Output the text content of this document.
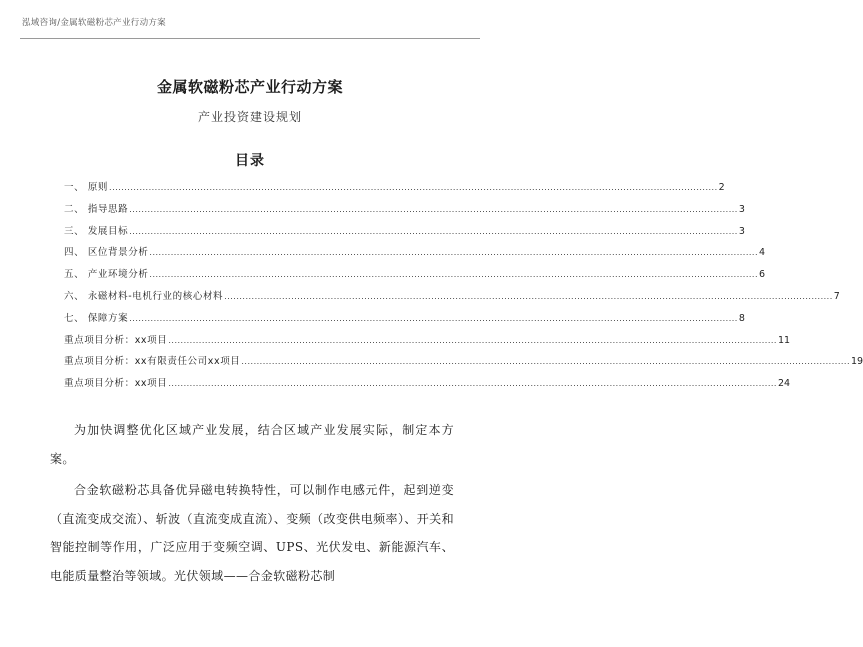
泓域咨询/金属软磁粉芯产业行动方案
金属软磁粉芯产业行动方案
产业投资建设规划
目录
一、 原则 ........................................................................................................................................................................................................ 2
二、 指导思路 ........................................................................................................................................................................................................ 3
三、 发展目标 ........................................................................................................................................................................................................ 3
四、 区位背景分析 ........................................................................................................................................................................................................ 4
五、 产业环境分析 ........................................................................................................................................................................................................ 6
六、 永磁材料-电机行业的核心材料 ........................................................................................................................................................................................................ 7
七、 保障方案 ........................................................................................................................................................................................................ 8
重点项目分析：xx项目 ........................................................................................................................................................................................................ 11
重点项目分析：xx有限责任公司xx项目 ........................................................................................................................................................................................................ 19
重点项目分析：xx项目 ........................................................................................................................................................................................................ 24

为加快调整优化区域产业发展，结合区域产业发展实际，制定本方案。

合金软磁粉芯具备优异磁电转换特性，可以制作电感元件，起到逆变（直流变成交流）、斩波（直流变成直流）、变频（改变供电频率）、开关和智能控制等作用，广泛应用于变频空调、UPS、光伏发电、新能源汽车、电能质量整治等领域。光伏领域——合金软磁粉芯制
